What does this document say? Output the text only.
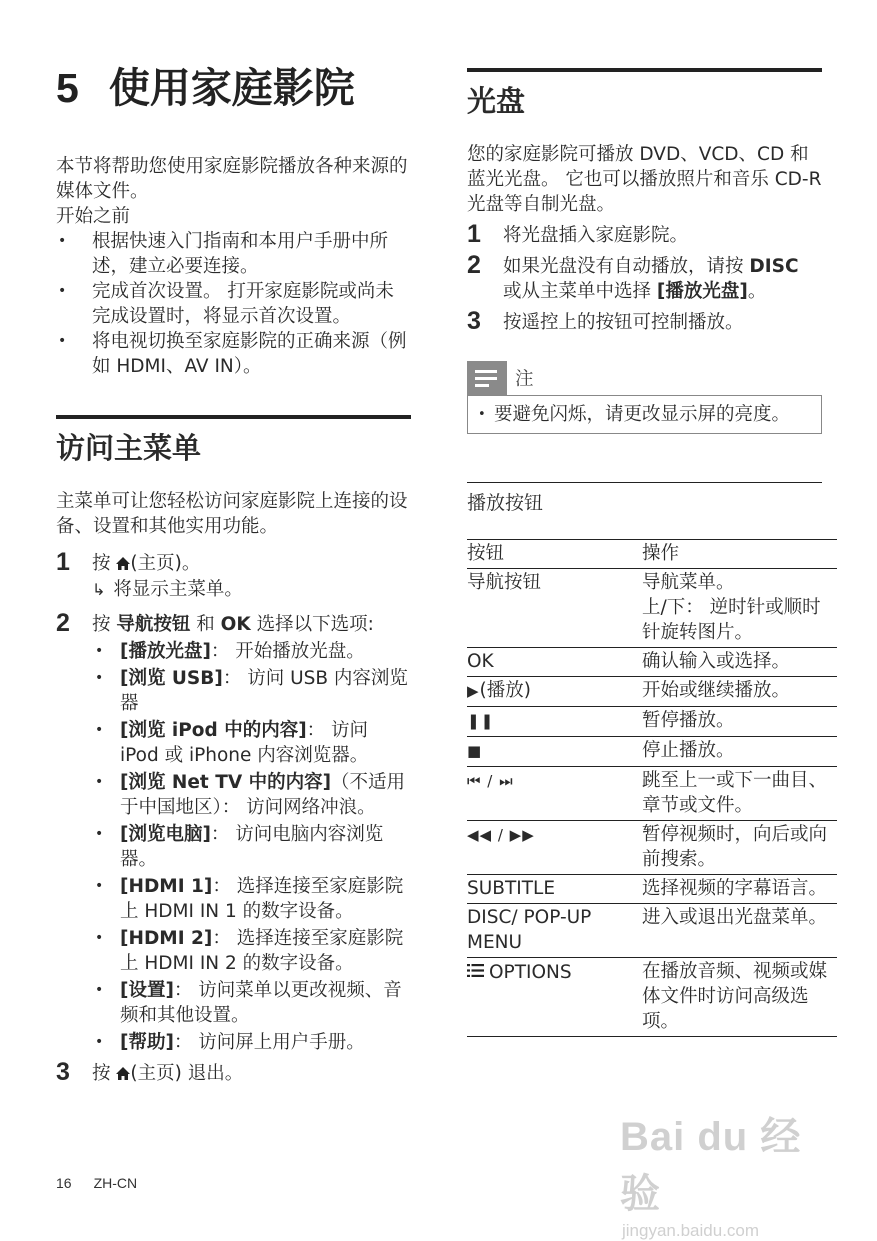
5 使用家庭影院

本节将帮助您使用家庭影院播放各种来源的媒体文件。

开始之前

• 根据快速入门指南和本用户手册中所述，建立必要连接。
• 完成首次设置。 打开家庭影院或尚未完成设置时，将显示首次设置。
• 将电视切换至家庭影院的正确来源（例如 HDMI、AV IN）。
访问主菜单

主菜单可让您轻松访问家庭影院上连接的设备、设置和其他实用功能。

1 按 (主页)。
↳ 将显示主菜单。
2 按 导航按钮 和 OK 选择以下选项:
• [播放光盘]： 开始播放光盘。
• [浏览 USB]： 访问 USB 内容浏览器
• [浏览 iPod 中的内容]： 访问 iPod 或 iPhone 内容浏览器。
• [浏览 Net TV 中的内容]（不适用于中国地区）： 访问网络冲浪。
• [浏览电脑]： 访问电脑内容浏览器。
• [HDMI 1]： 选择连接至家庭影院上 HDMI IN 1 的数字设备。
• [HDMI 2]： 选择连接至家庭影院上 HDMI IN 2 的数字设备。
• [设置]： 访问菜单以更改视频、音频和其他设置。
• [帮助]： 访问屏上用户手册。
3 按 (主页) 退出。
光盘

您的家庭影院可播放 DVD、VCD、CD 和蓝光光盘。 它也可以播放照片和音乐 CD-R 光盘等自制光盘。

1 将光盘插入家庭影院。
2 如果光盘没有自动播放，请按 DISC 或从主菜单中选择 [播放光盘]。
3 按遥控上的按钮可控制播放。
注
• 要避免闪烁，请更改显示屏的亮度。

播放按钮

按钮	操作
导航按钮	导航菜单。
上/下： 逆时针或顺时针旋转图片。
OK	确认输入或选择。
▶(播放)	开始或继续播放。
❚❚	暂停播放。
■	停止播放。
⏮ / ⏭	跳至上一或下一曲目、章节或文件。
◀◀ / ▶▶	暂停视频时，向后或向前搜索。
SUBTITLE	选择视频的字幕语言。
DISC/ POP-UP MENU	进入或退出光盘菜单。
OPTIONS	在播放音频、视频或媒体文件时访问高级选项。
16 ZH-CN
Bai du 经验
jingyan.baidu.com
